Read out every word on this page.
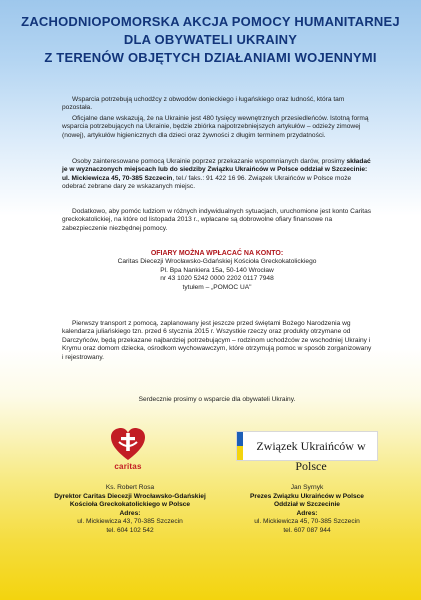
ZACHODNIOPOMORSKA AKCJA POMOCY HUMANITARNEJ
DLA OBYWATELI UKRAINY
Z TERENÓW OBJĘTYCH DZIAŁANIAMI WOJENNYMI
Wsparcia potrzebują uchodźcy z obwodów donieckiego i ługańskiego oraz ludność, która tam pozostała.
Oficjalne dane wskazują, że na Ukrainie jest 480 tysięcy wewnętrznych przesiedleńców. Istotną formą wsparcia potrzebujących na Ukrainie, będzie zbiórka najpotrzebniejszych artykułów – odzieży zimowej (nowej), artykułów higienicznych dla dzieci oraz żywności z długim terminem przydatności.
Osoby zainteresowane pomocą Ukrainie poprzez przekazanie wspomnianych darów, prosimy składać je w wyznaczonych miejscach lub do siedziby Związku Ukraińców w Polsce oddział w Szczecinie: ul. Mickiewicza 45, 70-385 Szczecin, tel./ faks.: 91 422 16 96. Związek Ukraińców w Polsce może odebrać zebrane dary ze wskazanych miejsc.
Dodatkowo, aby pomóc ludziom w różnych indywidualnych sytuacjach, uruchomione jest konto Caritas greckokatolickiej, na które od listopada 2013 r., wpłacane są dobrowolne ofiary finansowe na zabezpieczenie niezbędnej pomocy.
OFIARY MOŻNA WPŁACAĆ NA KONTO:
Caritas Diecezji Wrocławsko-Gdańskiej Kościoła Greckokatolickiego
Pl. Bpa Nankiera 15a, 50-140 Wrocław
nr 43 1020 5242 0000 2202 0117 7948
tytułem – „POMOC UA"
Pierwszy transport z pomocą, zaplanowany jest jeszcze przed świętami Bożego Narodzenia wg kalendarza juliańskiego tzn. przed 6 stycznia 2015 r. Wszystkie rzeczy oraz produkty otrzymane od Darczyńców, będą przekazane najbardziej potrzebującym – rodzinom uchodźców ze wschodniej Ukrainy i Krymu oraz domom dziecka, ośrodkom wychowawczym, które otrzymują pomoc w sposób zorganizowany i rejestrowany.
Serdecznie prosimy o wsparcie dla obywateli Ukrainy.
caritas
Związek Ukraińców w Polsce
Ks. Robert Rosa
Dyrektor Caritas Diecezji Wrocławsko-Gdańskiej
Kościoła Greckokatolickiego w Polsce
Adres:
ul. Mickiewicza 43, 70-385 Szczecin
tel. 604 102 542
Jan Syrnyk
Prezes Związku Ukraińców w Polsce
Oddział w Szczecinie
Adres:
ul. Mickiewicza 45, 70-385 Szczecin
tel. 607 087 944
